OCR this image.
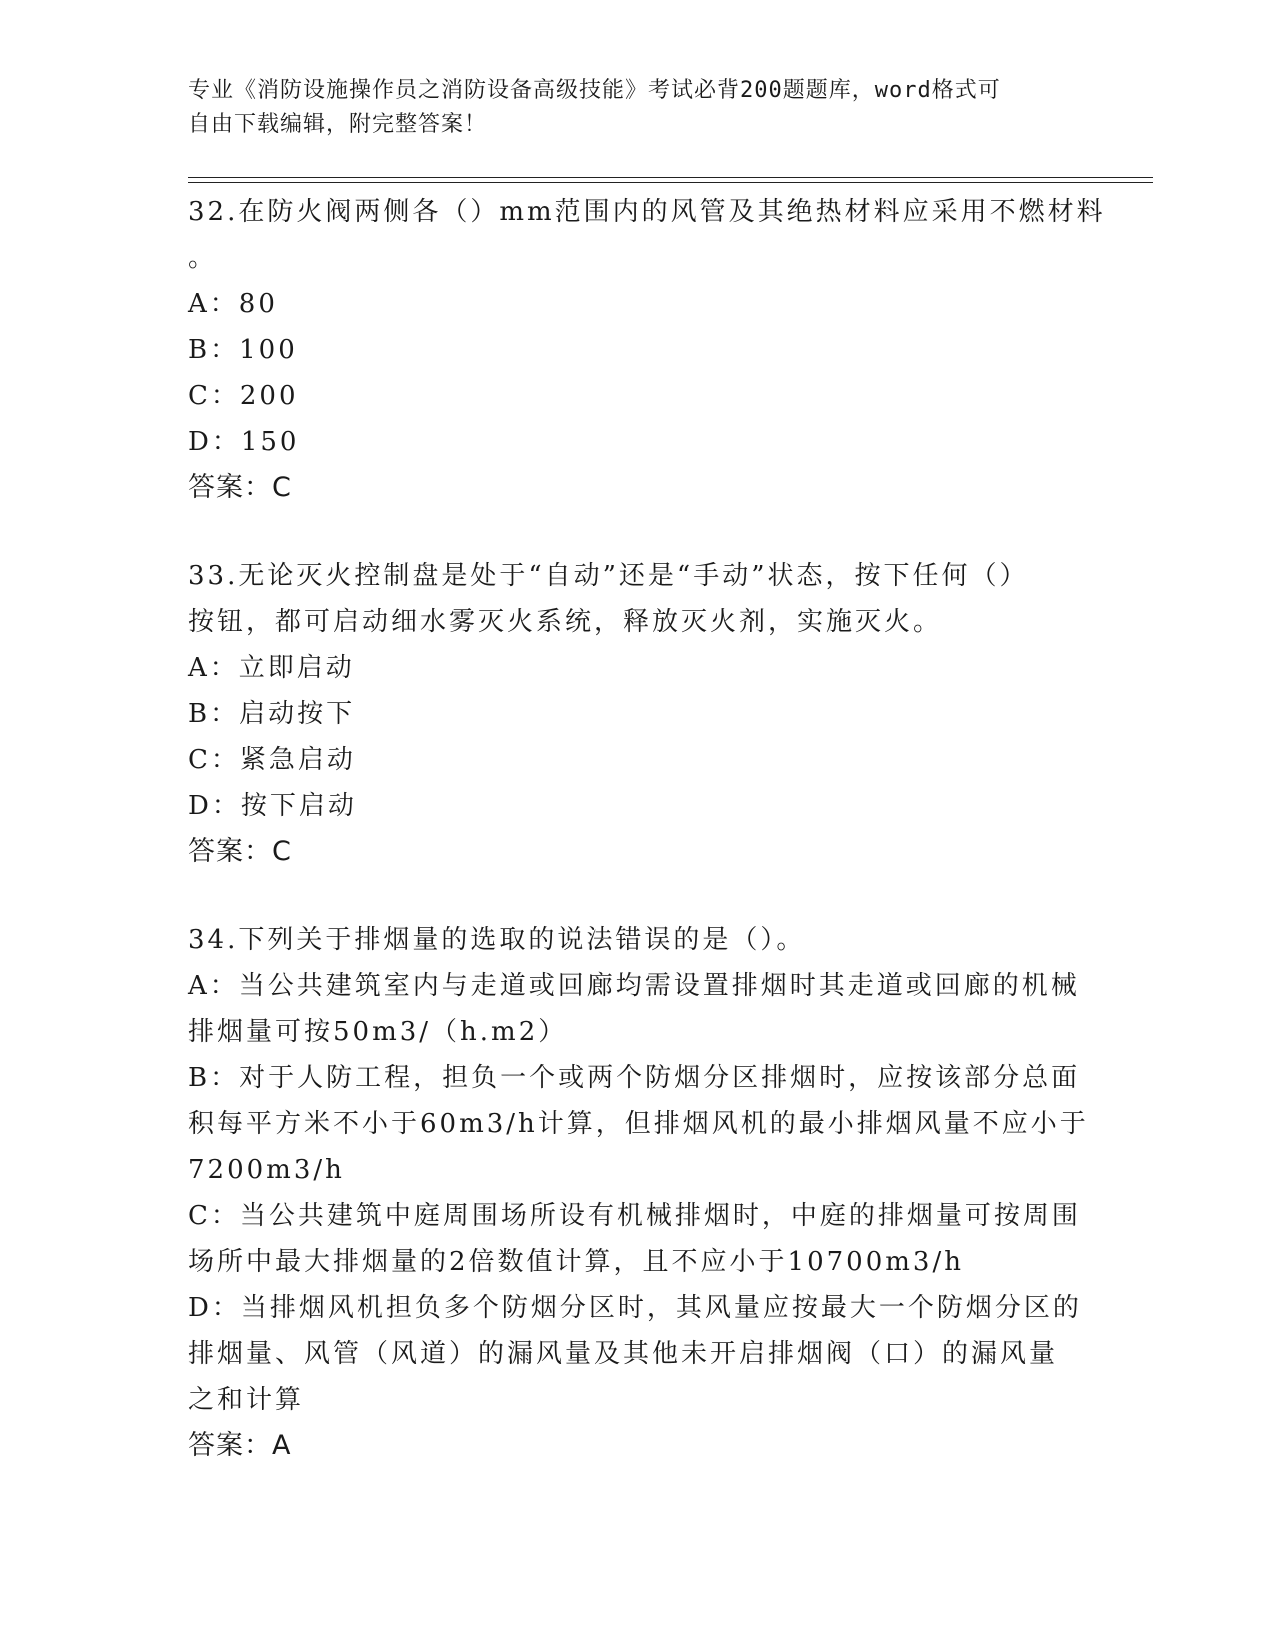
专业《消防设施操作员之消防设备高级技能》考试必背200题题库，word格式可
自由下载编辑，附完整答案！
32.在防火阀两侧各（）mm范围内的风管及其绝热材料应采用不燃材料
。
A：80
B：100
C：200
D：150
答案：C
33.无论灭火控制盘是处于“自动”还是“手动”状态，按下任何（）
按钮，都可启动细水雾灭火系统，释放灭火剂，实施灭火。
A：立即启动
B：启动按下
C：紧急启动
D：按下启动
答案：C
34.下列关于排烟量的选取的说法错误的是（）。
A：当公共建筑室内与走道或回廊均需设置排烟时其走道或回廊的机械
排烟量可按50m3/（h.m2）
B：对于人防工程，担负一个或两个防烟分区排烟时，应按该部分总面
积每平方米不小于60m3/h计算，但排烟风机的最小排烟风量不应小于
7200m3/h
C：当公共建筑中庭周围场所设有机械排烟时，中庭的排烟量可按周围
场所中最大排烟量的2倍数值计算，且不应小于10700m3/h
D：当排烟风机担负多个防烟分区时，其风量应按最大一个防烟分区的
排烟量、风管（风道）的漏风量及其他未开启排烟阀（口）的漏风量
之和计算
答案：A
